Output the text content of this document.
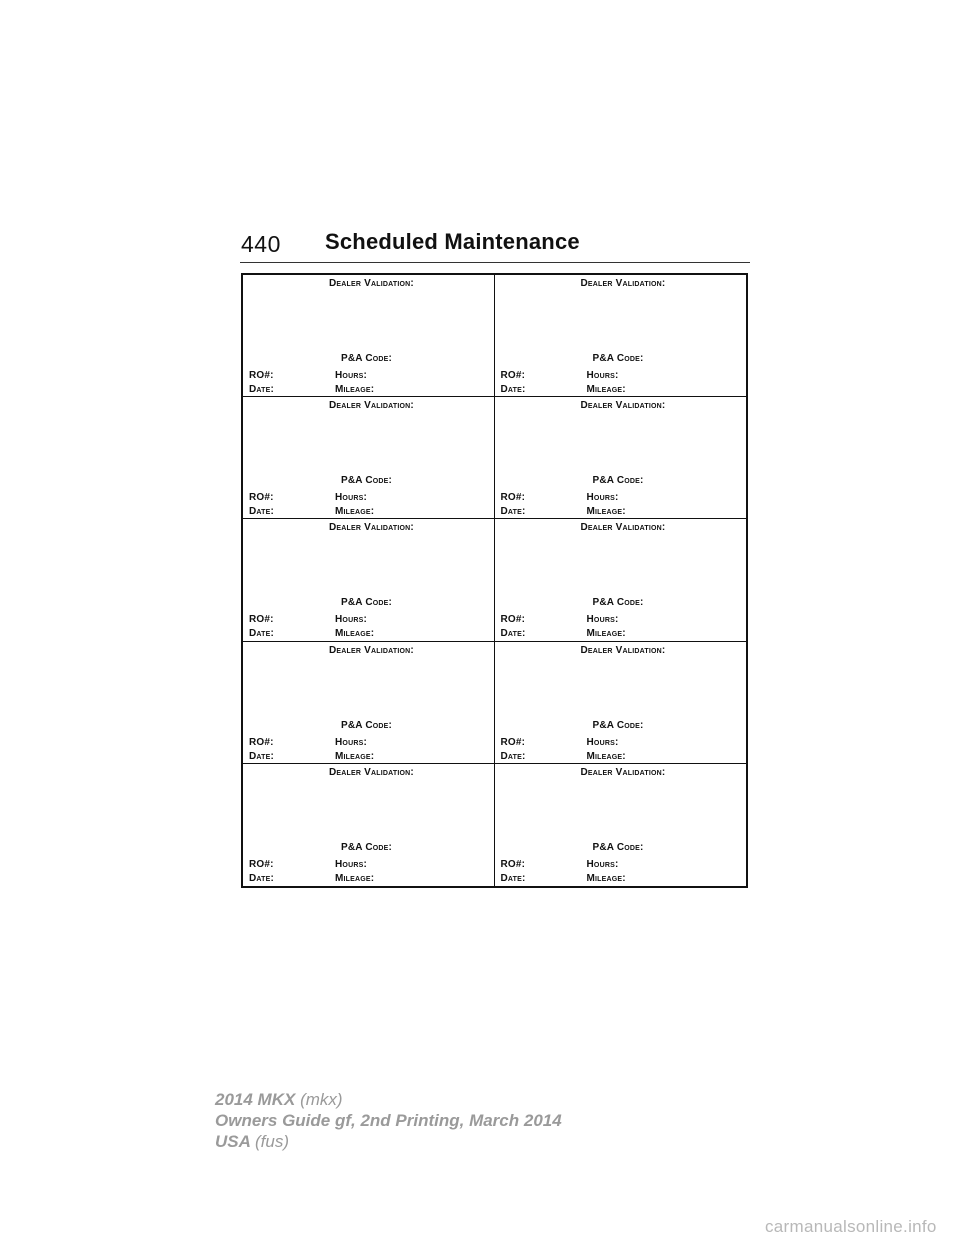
440 Scheduled Maintenance
Dealer Validation:
P&A Code:
RO#:	Hours:
Date:	Mileage:
Dealer Validation:
P&A Code:
RO#:	Hours:
Date:	Mileage:
Dealer Validation:
P&A Code:
RO#:	Hours:
Date:	Mileage:
Dealer Validation:
P&A Code:
RO#:	Hours:
Date:	Mileage:
Dealer Validation:
P&A Code:
RO#:	Hours:
Date:	Mileage:
Dealer Validation:
P&A Code:
RO#:	Hours:
Date:	Mileage:
Dealer Validation:
P&A Code:
RO#:	Hours:
Date:	Mileage:
Dealer Validation:
P&A Code:
RO#:	Hours:
Date:	Mileage:
Dealer Validation:
P&A Code:
RO#:	Hours:
Date:	Mileage:
Dealer Validation:
P&A Code:
RO#:	Hours:
Date:	Mileage:
2014 MKX (mkx)
Owners Guide gf, 2nd Printing, March 2014
USA (fus)
carmanualsonline.info
